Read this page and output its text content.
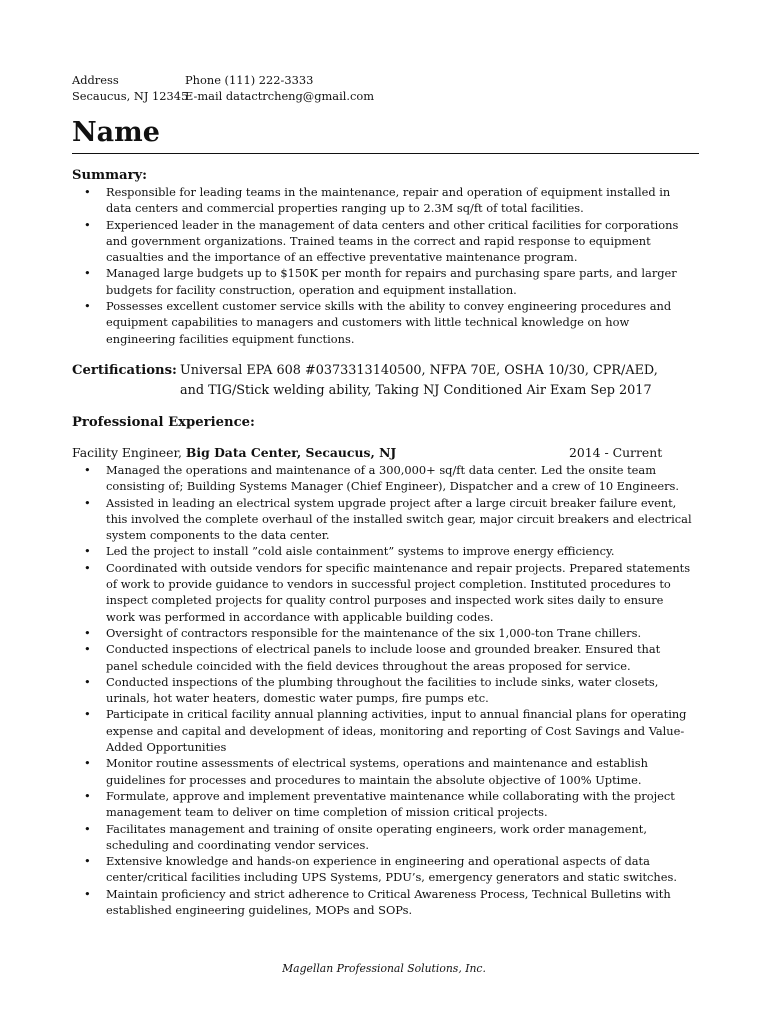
Address
Secaucus, NJ 12345
Phone (111) 222-3333
E-mail datactrcheng@gmail.com
Name
Summary:
• Responsible for leading teams in the maintenance, repair and operation of equipment installed in data centers and commercial properties ranging up to 2.3M sq/ft of total facilities.
• Experienced leader in the management of data centers and other critical facilities for corporations and government organizations. Trained teams in the correct and rapid response to equipment casualties and the importance of an effective preventative maintenance program.
• Managed large budgets up to $150K per month for repairs and purchasing spare parts, and larger budgets for facility construction, operation and equipment installation.
• Possesses excellent customer service skills with the ability to convey engineering procedures and equipment capabilities to managers and customers with little technical knowledge on how engineering facilities equipment functions.
Certifications: Universal EPA 608 #0373313140500, NFPA 70E, OSHA 10/30, CPR/AED, and TIG/Stick welding ability, Taking NJ Conditioned Air Exam Sep 2017
Professional Experience:
Facility Engineer, Big Data Center, Secaucus, NJ	2014 - Current
• Managed the operations and maintenance of a 300,000+ sq/ft data center. Led the onsite team consisting of; Building Systems Manager (Chief Engineer), Dispatcher and a crew of 10 Engineers.
• Assisted in leading an electrical system upgrade project after a large circuit breaker failure event, this involved the complete overhaul of the installed switch gear, major circuit breakers and electrical system components to the data center.
• Led the project to install ”cold aisle containment” systems to improve energy efficiency.
• Coordinated with outside vendors for specific maintenance and repair projects. Prepared statements of work to provide guidance to vendors in successful project completion. Instituted procedures to inspect completed projects for quality control purposes and inspected work sites daily to ensure work was performed in accordance with applicable building codes.
• Oversight of contractors responsible for the maintenance of the six 1,000-ton Trane chillers.
• Conducted inspections of electrical panels to include loose and grounded breaker. Ensured that panel schedule coincided with the field devices throughout the areas proposed for service.
• Conducted inspections of the plumbing throughout the facilities to include sinks, water closets, urinals, hot water heaters, domestic water pumps, fire pumps etc.
• Participate in critical facility annual planning activities, input to annual financial plans for operating expense and capital and development of ideas, monitoring and reporting of Cost Savings and Value-Added Opportunities
• Monitor routine assessments of electrical systems, operations and maintenance and establish guidelines for processes and procedures to maintain the absolute objective of 100% Uptime.
• Formulate, approve and implement preventative maintenance while collaborating with the project management team to deliver on time completion of mission critical projects.
• Facilitates management and training of onsite operating engineers, work order management, scheduling and coordinating vendor services.
• Extensive knowledge and hands-on experience in engineering and operational aspects of data center/critical facilities including UPS Systems, PDU’s, emergency generators and static switches.
• Maintain proficiency and strict adherence to Critical Awareness Process, Technical Bulletins with established engineering guidelines, MOPs and SOPs.
Magellan Professional Solutions, Inc.
